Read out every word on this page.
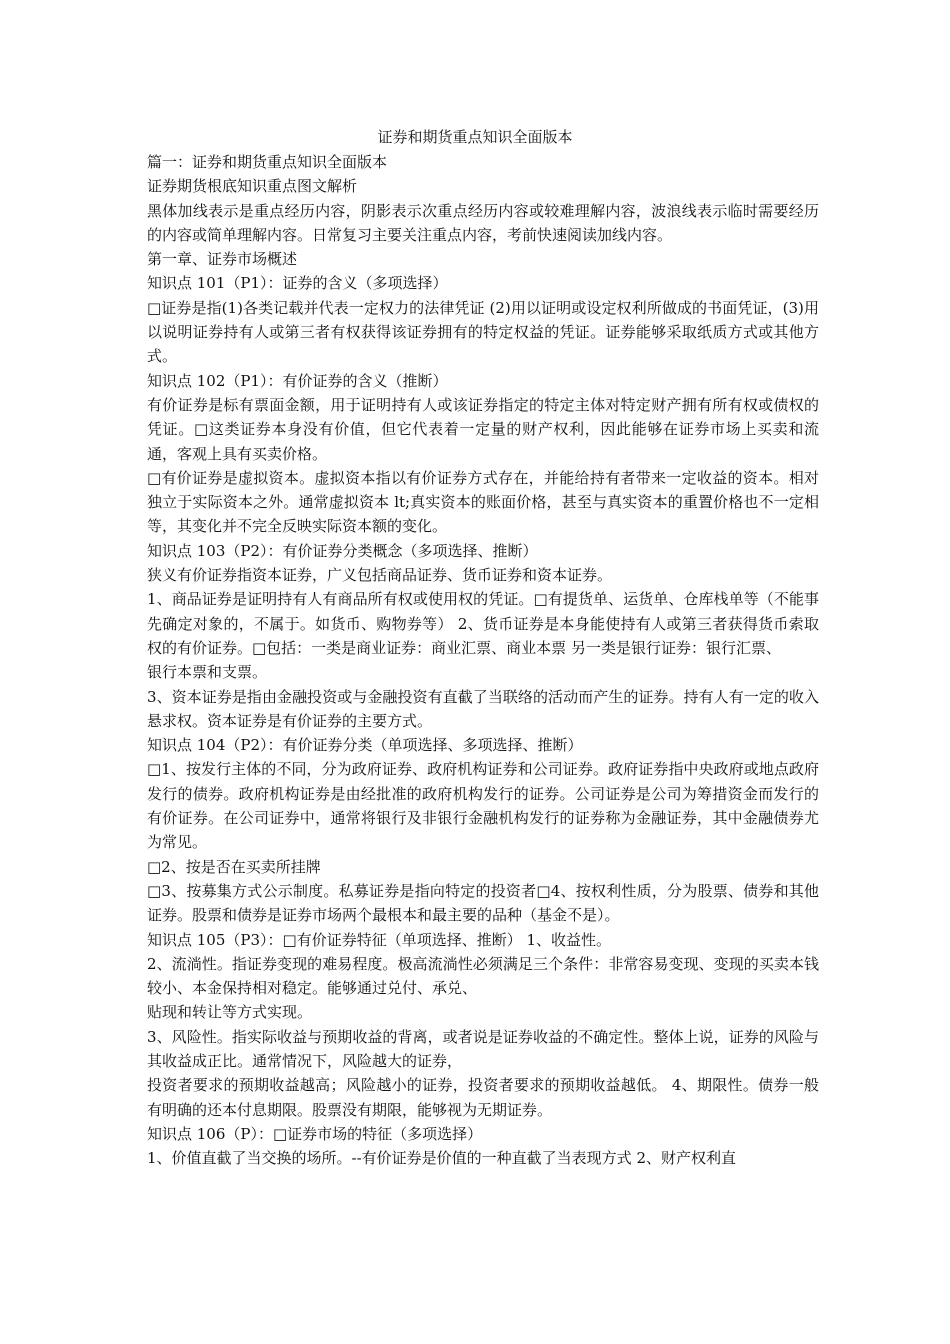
证券和期货重点知识全面版本

篇一：证券和期货重点知识全面版本

证券期货根底知识重点图文解析

黑体加线表示是重点经历内容，阴影表示次重点经历内容或较难理解内容，波浪线表示临时需要经历的内容或简单理解内容。日常复习主要关注重点内容，考前快速阅读加线内容。

第一章、证券市场概述

知识点 101（P1）：证券的含义（多项选择）

□证券是指(1)各类记载并代表一定权力的法律凭证 (2)用以证明或设定权利所做成的书面凭证，(3)用以说明证券持有人或第三者有权获得该证券拥有的特定权益的凭证。证券能够采取纸质方式或其他方式。

知识点 102（P1）：有价证券的含义（推断）

有价证券是标有票面金额，用于证明持有人或该证券指定的特定主体对特定财产拥有所有权或债权的凭证。□这类证券本身没有价值，但它代表着一定量的财产权利，因此能够在证券市场上买卖和流通，客观上具有买卖价格。

□有价证券是虚拟资本。虚拟资本指以有价证券方式存在，并能给持有者带来一定收益的资本。相对独立于实际资本之外。通常虚拟资本 lt;真实资本的账面价格，甚至与真实资本的重置价格也不一定相等，其变化并不完全反映实际资本额的变化。

知识点 103（P2）：有价证券分类概念（多项选择、推断）

狭义有价证券指资本证券，广义包括商品证券、货币证券和资本证券。

1、商品证券是证明持有人有商品所有权或使用权的凭证。□有提货单、运货单、仓库栈单等（不能事先确定对象的，不属于。如货币、购物券等） 2、货币证券是本身能使持有人或第三者获得货币索取权的有价证券。□包括：一类是商业证券：商业汇票、商业本票 另一类是银行证券：银行汇票、

银行本票和支票。

3、资本证券是指由金融投资或与金融投资有直截了当联络的活动而产生的证券。持有人有一定的收入悬求权。资本证券是有价证券的主要方式。

知识点 104（P2）：有价证券分类（单项选择、多项选择、推断）

□1、按发行主体的不同，分为政府证券、政府机构证券和公司证券。政府证券指中央政府或地点政府发行的债券。政府机构证券是由经批准的政府机构发行的证券。公司证券是公司为筹措资金而发行的有价证券。在公司证券中，通常将银行及非银行金融机构发行的证券称为金融证券，其中金融债券尤为常见。

□2、按是否在买卖所挂牌

□3、按募集方式公示制度。私募证券是指向特定的投资者□4、按权利性质，分为股票、债券和其他证券。股票和债券是证券市场两个最根本和最主要的品种（基金不是）。

知识点 105（P3）：□有价证券特征（单项选择、推断） 1、收益性。

2、流淌性。指证券变现的难易程度。极高流淌性必须满足三个条件：非常容易变现、变现的买卖本钱较小、本金保持相对稳定。能够通过兑付、承兑、

贴现和转让等方式实现。

3、风险性。指实际收益与预期收益的背离，或者说是证券收益的不确定性。整体上说，证券的风险与其收益成正比。通常情况下，风险越大的证券，

投资者要求的预期收益越高；风险越小的证券，投资者要求的预期收益越低。 4、期限性。债券一般有明确的还本付息期限。股票没有期限，能够视为无期证券。

知识点 106（P）：□证券市场的特征（多项选择）

1、价值直截了当交换的场所。--有价证券是价值的一种直截了当表现方式 2、财产权利直
